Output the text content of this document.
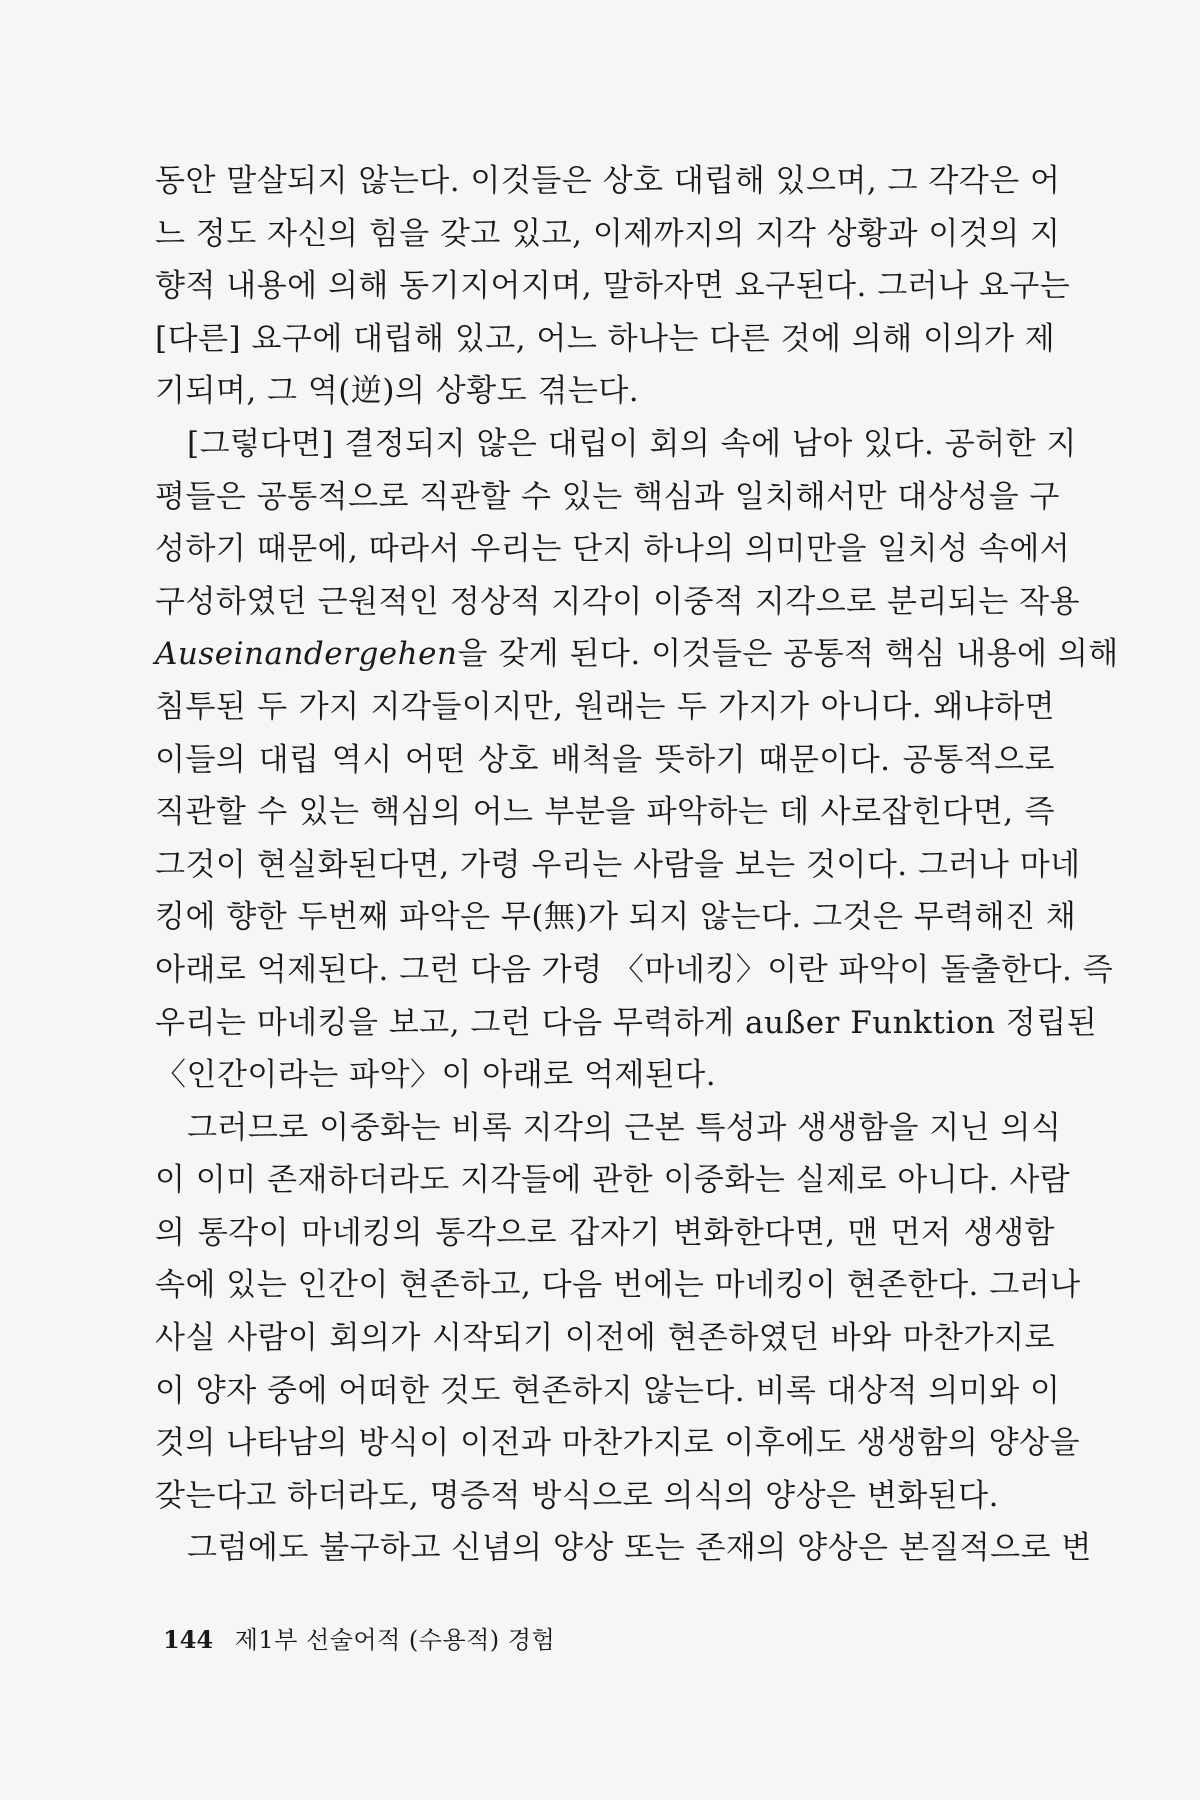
동안 말살되지 않는다. 이것들은 상호 대립해 있으며, 그 각각은 어
느 정도 자신의 힘을 갖고 있고, 이제까지의 지각 상황과 이것의 지
향적 내용에 의해 동기지어지며, 말하자면 요구된다. 그러나 요구는
[다른] 요구에 대립해 있고, 어느 하나는 다른 것에 의해 이의가 제
기되며, 그 역(逆)의 상황도 겪는다.
[그렇다면] 결정되지 않은 대립이 회의 속에 남아 있다. 공허한 지
평들은 공통적으로 직관할 수 있는 핵심과 일치해서만 대상성을 구
성하기 때문에, 따라서 우리는 단지 하나의 의미만을 일치성 속에서
구성하였던 근원적인 정상적 지각이 이중적 지각으로 분리되는 작용
Auseinandergehen을 갖게 된다. 이것들은 공통적 핵심 내용에 의해
침투된 두 가지 지각들이지만, 원래는 두 가지가 아니다. 왜냐하면
이들의 대립 역시 어떤 상호 배척을 뜻하기 때문이다. 공통적으로
직관할 수 있는 핵심의 어느 부분을 파악하는 데 사로잡힌다면, 즉
그것이 현실화된다면, 가령 우리는 사람을 보는 것이다. 그러나 마네
킹에 향한 두번째 파악은 무(無)가 되지 않는다. 그것은 무력해진 채
아래로 억제된다. 그런 다음 가령 〈마네킹〉이란 파악이 돌출한다. 즉
우리는 마네킹을 보고, 그런 다음 무력하게 außer Funktion 정립된
〈인간이라는 파악〉이 아래로 억제된다.
그러므로 이중화는 비록 지각의 근본 특성과 생생함을 지닌 의식
이 이미 존재하더라도 지각들에 관한 이중화는 실제로 아니다. 사람
의 통각이 마네킹의 통각으로 갑자기 변화한다면, 맨 먼저 생생함
속에 있는 인간이 현존하고, 다음 번에는 마네킹이 현존한다. 그러나
사실 사람이 회의가 시작되기 이전에 현존하였던 바와 마찬가지로
이 양자 중에 어떠한 것도 현존하지 않는다. 비록 대상적 의미와 이
것의 나타남의 방식이 이전과 마찬가지로 이후에도 생생함의 양상을
갖는다고 하더라도, 명증적 방식으로 의식의 양상은 변화된다.
그럼에도 불구하고 신념의 양상 또는 존재의 양상은 본질적으로 변
144 제1부 선술어적 (수용적) 경험
